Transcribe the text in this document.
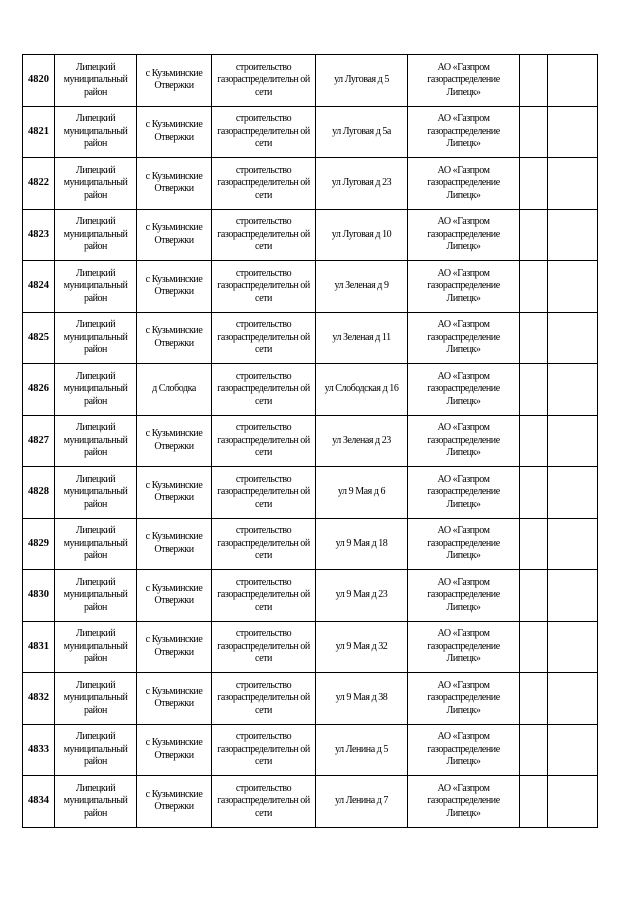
4820	Липецкий муниципальный район	с Кузьминские Отвержки	строительство газораспределительн ой сети	ул Луговая д 5	АО «Газпром газораспределение Липецк»		
4821	Липецкий муниципальный район	с Кузьминские Отвержки	строительство газораспределительн ой сети	ул Луговая д 5а	АО «Газпром газораспределение Липецк»		
4822	Липецкий муниципальный район	с Кузьминские Отвержки	строительство газораспределительн ой сети	ул Луговая д 23	АО «Газпром газораспределение Липецк»		
4823	Липецкий муниципальный район	с Кузьминские Отвержки	строительство газораспределительн ой сети	ул Луговая д 10	АО «Газпром газораспределение Липецк»		
4824	Липецкий муниципальный район	с Кузьминские Отвержки	строительство газораспределительн ой сети	ул Зеленая д 9	АО «Газпром газораспределение Липецк»		
4825	Липецкий муниципальный район	с Кузьминские Отвержки	строительство газораспределительн ой сети	ул Зеленая д 11	АО «Газпром газораспределение Липецк»		
4826	Липецкий муниципальный район	д Слободка	строительство газораспределительн ой сети	ул Слободская д 16	АО «Газпром газораспределение Липецк»		
4827	Липецкий муниципальный район	с Кузьминские Отвержки	строительство газораспределительн ой сети	ул Зеленая д 23	АО «Газпром газораспределение Липецк»		
4828	Липецкий муниципальный район	с Кузьминские Отвержки	строительство газораспределительн ой сети	ул 9 Мая д 6	АО «Газпром газораспределение Липецк»		
4829	Липецкий муниципальный район	с Кузьминские Отвержки	строительство газораспределительн ой сети	ул 9 Мая д 18	АО «Газпром газораспределение Липецк»		
4830	Липецкий муниципальный район	с Кузьминские Отвержки	строительство газораспределительн ой сети	ул 9 Мая д 23	АО «Газпром газораспределение Липецк»		
4831	Липецкий муниципальный район	с Кузьминские Отвержки	строительство газораспределительн ой сети	ул 9 Мая д 32	АО «Газпром газораспределение Липецк»		
4832	Липецкий муниципальный район	с Кузьминские Отвержки	строительство газораспределительн ой сети	ул 9 Мая д 38	АО «Газпром газораспределение Липецк»		
4833	Липецкий муниципальный район	с Кузьминские Отвержки	строительство газораспределительн ой сети	ул Ленина д 5	АО «Газпром газораспределение Липецк»		
4834	Липецкий муниципальный район	с Кузьминские Отвержки	строительство газораспределительн ой сети	ул Ленина д 7	АО «Газпром газораспределение Липецк»		
